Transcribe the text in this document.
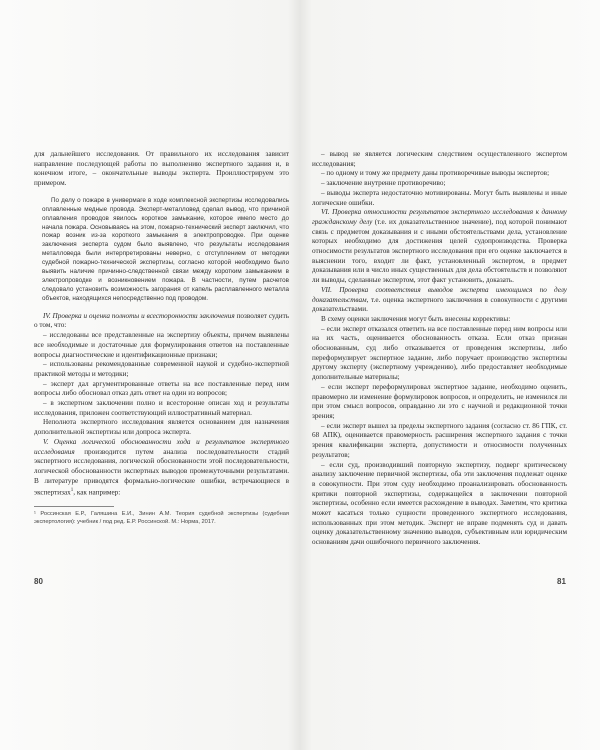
для дальнейшего исследования. От правильного их исследования зависит направление последующей работы по выполнению экспертного задания и, в конечном итоге, – окончательные выводы эксперта. Проиллюстрируем это примером.

По делу о пожаре в универмаге в ходе комплексной экспертизы исследовались оплавленные медные провода. Эксперт-металловед сделал вывод, что причиной оплавления проводов явилось короткое замыкание, которое имело место до начала пожара. Основываясь на этом, пожарно-технический эксперт заключил, что пожар возник из-за короткого замыкания в электропроводке. При оценке заключения эксперта судом было выявлено, что результаты исследования металловеда были интерпретированы неверно, с отступлением от методики судебной пожарно-технической экспертизы, согласно которой необходимо было выявить наличие причинно-следственной связи между коротким замыканием в электропроводке и возникновением пожара. В частности, путем расчетов следовало установить возможность загорания от капель расплавленного металла объектов, находящихся непосредственно под проводом.

IV. Проверка и оценка полноты и всесторонности заключения позволяет судить о том, что:

– исследованы все представленные на экспертизу объекты, причем выявлены все необходимые и достаточные для формулирования ответов на поставленные вопросы диагностические и идентификационные признаки;

– использованы рекомендованные современной наукой и судебно-экспертной практикой методы и методики;

– эксперт дал аргументированные ответы на все поставленные перед ним вопросы либо обосновал отказ дать ответ на один из вопросов;

– в экспертном заключении полно и всесторонне описан ход и результаты исследования, приложен соответствующий иллюстративный материал.

Неполнота экспертного исследования является основанием для назначения дополнительной экспертизы или допроса эксперта.

V. Оценка логической обоснованности хода и результатов экспертного исследования производится путем анализа последовательности стадий экспертного исследования, логической обоснованности этой последовательности, логической обоснованности экспертных выводов промежуточными результатами. В литературе приводятся формально-логические ошибки, встречающиеся в экспертизах$^1$, как например:

¹ Россинская Е.Р., Галяшина Е.И., Зинин А.М. Теория судебной экспертизы (судебная экспертология): учебник / под ред. Е.Р. Россинской. М.: Норма, 2017.

– вывод не является логическим следствием осуществленного экспертом исследования;

– по одному и тому же предмету даны противоречивые выводы экспертов;

– заключение внутренне противоречиво;

– выводы эксперта недостаточно мотивированы. Могут быть выявлены и иные логические ошибки.

VI. Проверка относимости результатов экспертного исследования к данному гражданскому делу (т.е. их доказательственное значение), под которой понимают связь с предметом доказывания и с иными обстоятельствами дела, установление которых необходимо для достижения целей судопроизводства. Проверка относимости результатов экспертного исследования при его оценке заключается в выяснении того, входит ли факт, установленный экспертом, в предмет доказывания или в число иных существенных для дела обстоятельств и позволяют ли выводы, сделанные экспертом, этот факт установить, доказать.

VII. Проверка соответствия выводов эксперта имеющимся по делу доказательствам, т.е. оценка экспертного заключения в совокупности с другими доказательствами.

В схему оценки заключения могут быть внесены коррективы:

– если эксперт отказался ответить на все поставленные перед ним вопросы или на их часть, оценивается обоснованность отказа. Если отказ признан обоснованным, суд либо отказывается от проведения экспертизы, либо переформулирует экспертное задание, либо поручает производство экспертизы другому эксперту (экспертному учреждению), либо предоставляет необходимые дополнительные материалы;

– если эксперт переформулировал экспертное задание, необходимо оценить, правомерно ли изменение формулировок вопросов, и определить, не изменился ли при этом смысл вопросов, оправданно ли это с научной и редакционной точки зрения;

– если эксперт вышел за пределы экспертного задания (согласно ст. 86 ГПК, ст. 68 АПК), оценивается правомерность расширения экспертного задания с точки зрения квалификации эксперта, допустимости и относимости полученных результатов;

– если суд, производивший повторную экспертизу, подверг критическому анализу заключение первичной экспертизы, оба эти заключения подлежат оценке в совокупности. При этом суду необходимо проанализировать обоснованность критики повторной экспертизы, содержащейся в заключении повторной экспертизы, особенно если имеется расхождение в выводах. Заметим, что критика может касаться только сущности проведенного экспертного исследования, использованных при этом методик. Эксперт не вправе подменять суд и давать оценку доказательственному значению выводов, субъективным или юридическим основаниям дачи ошибочного первичного заключения.

80	81
